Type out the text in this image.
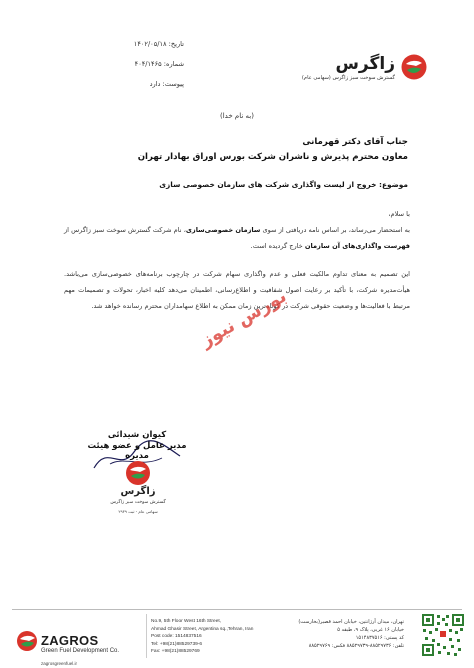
تاریخ: ۱۴۰۲/۰۵/۱۸
شماره: ۴۰۴/۱۴۶۵
پیوست: دارد
زاگرس
گسترش سوخت سبز زاگرس (سهامی عام)
(به نام خدا)
جناب آقای دکتر قهرمانی
معاون محترم پذیرش و ناشران شرکت بورس اوراق بهادار تهران
موضوع: خروج از لیست واگذاری شرکت های سازمان خصوصی سازی
با سلام،
به استحضار می‌رساند، بر اساس نامه دریافتی از سوی سازمان خصوصی‌سازی، نام شرکت گسترش سوخت سبز زاگرس از فهرست واگذاری‌های آن سازمان خارج گردیده است.
این تصمیم به معنای تداوم مالکیت فعلی و عدم واگذاری سهام شرکت در چارچوب برنامه‌های خصوصی‌سازی می‌باشد. هیأت‌مدیره شرکت، با تأکید بر رعایت اصول شفافیت و اطلاع‌رسانی، اطمینان می‌دهد کلیه اخبار، تحولات و تصمیمات مهم مرتبط با فعالیت‌ها و وضعیت حقوقی شرکت در کوتاه‌ترین زمان ممکن به اطلاع سهامداران محترم رسانده خواهد شد.
بورس نیوز
کیوان شیدائی
مدیر عامل و عضو هیئت مدیره
زاگرس
گسترش سوخت سبز زاگرس
سهامی عام - ثبت ۲۹۳۹
ZAGROS
Green Fuel Development Co.
zagrosgreenfuel.ir
No.9, 5th Floor West 16th Street,
Ahmad Ghasir Street, Argentina sq.,Tehran, Iran
Post code: 1514837516
Tel: +98(21)88529739-6
Fax: +98(21)88529769
تهران، میدان آرژانتین، خیابان احمد قصیر(بخارست)
خیابان ۱۶ غربی، پلاک ۹، طبقه ۵
کد پستی: ۱۵۱۴۸۳۷۵۱۶
تلفن: ۸۸۵۲۹۷۳۶-۸۸۵۲۹۷۳۹ فکس: ۸۸۵۲۹۷۶۹
